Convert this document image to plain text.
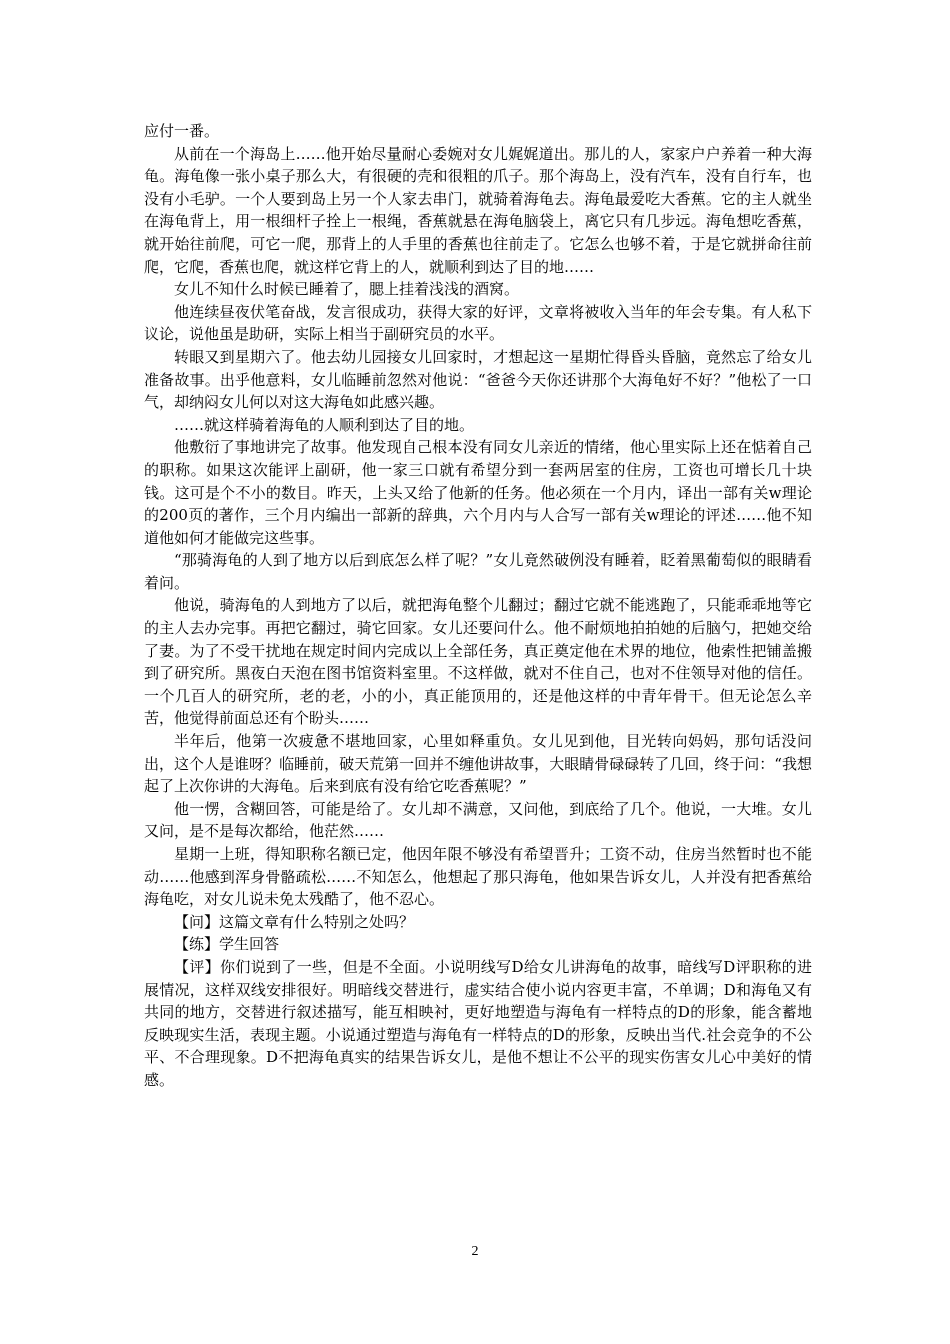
应付一番。

从前在一个海岛上……他开始尽量耐心委婉对女儿娓娓道出。那儿的人，家家户户养着一种大海龟。海龟像一张小桌子那么大，有很硬的壳和很粗的爪子。那个海岛上，没有汽车，没有自行车，也没有小毛驴。一个人要到岛上另一个人家去串门，就骑着海龟去。海龟最爱吃大香蕉。它的主人就坐在海龟背上，用一根细杆子拴上一根绳，香蕉就悬在海龟脑袋上，离它只有几步远。海龟想吃香蕉，就开始往前爬，可它一爬，那背上的人手里的香蕉也往前走了。它怎么也够不着，于是它就拼命往前爬，它爬，香蕉也爬，就这样它背上的人，就顺利到达了目的地……

女儿不知什么时候已睡着了，腮上挂着浅浅的酒窝。

他连续昼夜伏笔奋战，发言很成功，获得大家的好评，文章将被收入当年的年会专集。有人私下议论，说他虽是助研，实际上相当于副研究员的水平。

转眼又到星期六了。他去幼儿园接女儿回家时，才想起这一星期忙得昏头昏脑，竟然忘了给女儿准备故事。出乎他意料，女儿临睡前忽然对他说：“爸爸今天你还讲那个大海龟好不好？”他松了一口气，却纳闷女儿何以对这大海龟如此感兴趣。

……就这样骑着海龟的人顺利到达了目的地。

他敷衍了事地讲完了故事。他发现自己根本没有同女儿亲近的情绪，他心里实际上还在惦着自己的职称。如果这次能评上副研，他一家三口就有希望分到一套两居室的住房，工资也可增长几十块钱。这可是个不小的数目。昨天，上头又给了他新的任务。他必须在一个月内，译出一部有关w理论的200页的著作，三个月内编出一部新的辞典，六个月内与人合写一部有关w理论的评述……他不知道他如何才能做完这些事。

“那骑海龟的人到了地方以后到底怎么样了呢？”女儿竟然破例没有睡着，眨着黑葡萄似的眼睛看着问。

他说，骑海龟的人到地方了以后，就把海龟整个儿翻过；翻过它就不能逃跑了，只能乖乖地等它的主人去办完事。再把它翻过，骑它回家。女儿还要问什么。他不耐烦地拍拍她的后脑勺，把她交给了妻。为了不受干扰地在规定时间内完成以上全部任务，真正奠定他在术界的地位，他索性把铺盖搬到了研究所。黑夜白天泡在图书馆资料室里。不这样做，就对不住自己，也对不住领导对他的信任。一个几百人的研究所，老的老，小的小，真正能顶用的，还是他这样的中青年骨干。但无论怎么辛苦，他觉得前面总还有个盼头……

半年后，他第一次疲惫不堪地回家，心里如释重负。女儿见到他，目光转向妈妈，那句话没问出，这个人是谁呀？临睡前，破天荒第一回并不缠他讲故事，大眼睛骨碌碌转了几回，终于问：“我想起了上次你讲的大海龟。后来到底有没有给它吃香蕉呢？”

他一愣，含糊回答，可能是给了。女儿却不满意，又问他，到底给了几个。他说，一大堆。女儿又问，是不是每次都给，他茫然……

星期一上班，得知职称名额已定，他因年限不够没有希望晋升；工资不动，住房当然暂时也不能动……他感到浑身骨骼疏松……不知怎么，他想起了那只海龟，他如果告诉女儿，人并没有把香蕉给海龟吃，对女儿说未免太残酷了，他不忍心。

【问】这篇文章有什么特别之处吗？

【练】学生回答

【评】你们说到了一些，但是不全面。小说明线写D给女儿讲海龟的故事，暗线写D评职称的进展情况，这样双线安排很好。明暗线交替进行，虚实结合使小说内容更丰富，不单调；D和海龟又有共同的地方，交替进行叙述描写，能互相映衬，更好地塑造与海龟有一样特点的D的形象，能含蓄地反映现实生活，表现主题。小说通过塑造与海龟有一样特点的D的形象，反映出当代.社会竞争的不公平、不合理现象。D不把海龟真实的结果告诉女儿，是他不想让不公平的现实伤害女儿心中美好的情感。

2
